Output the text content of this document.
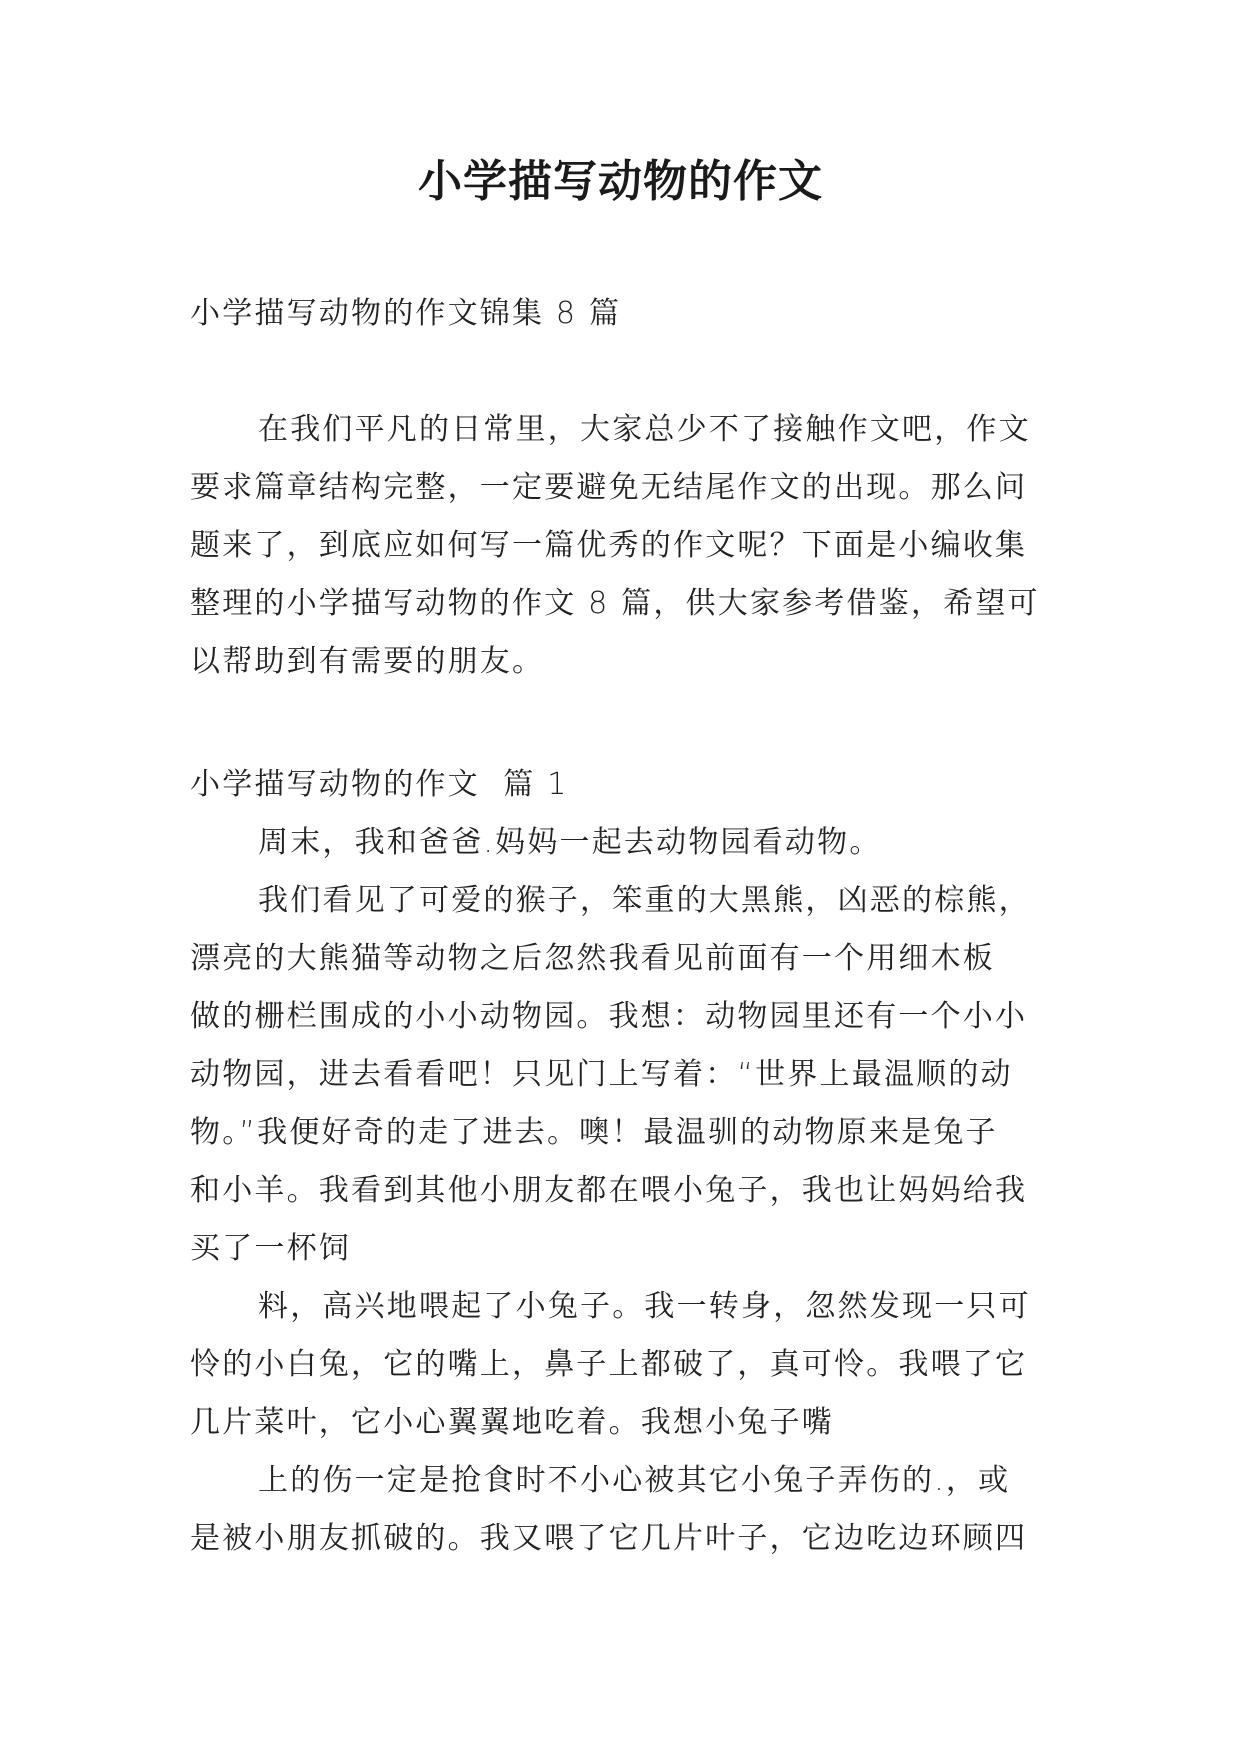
小学描写动物的作文
小学描写动物的作文锦集 8 篇
在我们平凡的日常里，大家总少不了接触作文吧，作文
要求篇章结构完整，一定要避免无结尾作文的出现。那么问
题来了，到底应如何写一篇优秀的作文呢？下面是小编收集
整理的小学描写动物的作文 8 篇，供大家参考借鉴，希望可
以帮助到有需要的朋友。
小学描写动物的作文  篇 1
周末，我和爸爸.妈妈一起去动物园看动物。
我们看见了可爱的猴子，笨重的大黑熊，凶恶的棕熊，
漂亮的大熊猫等动物之后忽然我看见前面有一个用细木板
做的栅栏围成的小小动物园。我想：动物园里还有一个小小
动物园，进去看看吧！只见门上写着：“世界上最温顺的动
物。”我便好奇的走了进去。噢！最温驯的动物原来是兔子
和小羊。我看到其他小朋友都在喂小兔子，我也让妈妈给我
买了一杯饲
料，高兴地喂起了小兔子。我一转身，忽然发现一只可
怜的小白兔，它的嘴上，鼻子上都破了，真可怜。我喂了它
几片菜叶，它小心翼翼地吃着。我想小兔子嘴
上的伤一定是抢食时不小心被其它小兔子弄伤的.，或
是被小朋友抓破的。我又喂了它几片叶子，它边吃边环顾四
